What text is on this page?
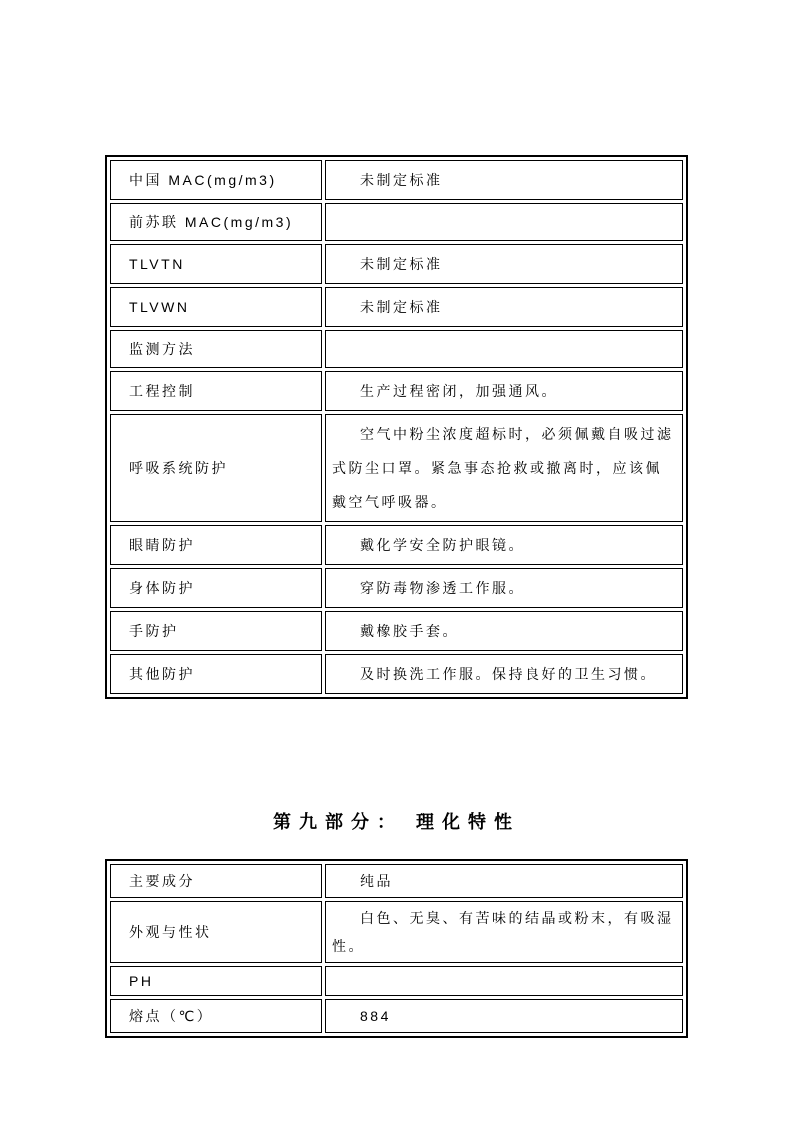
中国 MAC(mg/m3)	未制定标准
前苏联 MAC(mg/m3)	
TLVTN	未制定标准
TLVWN	未制定标准
监测方法	
工程控制	生产过程密闭，加强通风。
呼吸系统防护	空气中粉尘浓度超标时，必须佩戴自吸过滤式防尘口罩。紧急事态抢救或撤离时，应该佩戴空气呼吸器。
眼睛防护	戴化学安全防护眼镜。
身体防护	穿防毒物渗透工作服。
手防护	戴橡胶手套。
其他防护	及时换洗工作服。保持良好的卫生习惯。
第九部分： 理化特性
主要成分	纯品
外观与性状	白色、无臭、有苦味的结晶或粉末，有吸湿性。
PH	
熔点（℃）	884
